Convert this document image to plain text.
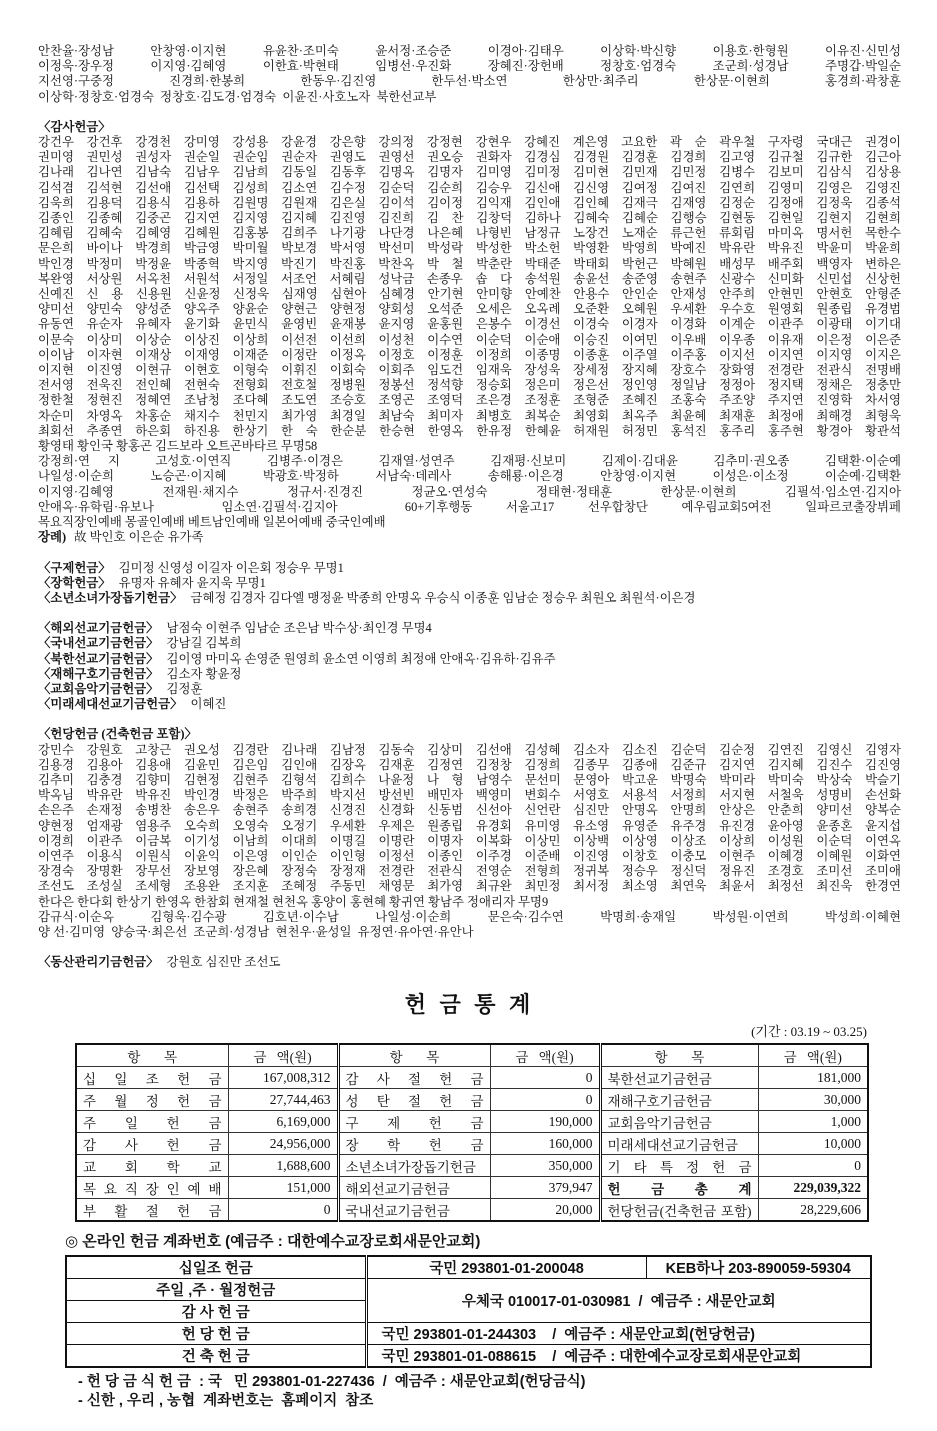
안찬율·장성남 안창영·이지현 유윤찬·조미숙 윤서정·조승준 이경아·김태우 이상학·박신향 이용호·한형원 이유진·신민성
이정욱·장우정 이지영·김혜영 이한효·박현태 임병선·우진화 장혜진·장헌배 정창호·엄경숙 조군희·성경남 주명갑·박일순
지선영·구중정 진경희·한봉희 한동우·김진영 한두선·박소연 한상만·최주리 한상문·이현희 홍경희·곽창훈
이상학·정창호·엄경숙  정창호·김도경·엄경숙  이윤진·사호노자  북한선교부
〈감사헌금〉
강건우 강건후 강경천 강미영 강성용 강윤경 강은향 강의정 강정현 강현우 강혜진 계은영 고요한 곽 순 곽우철 구자령 국대근 권경이
권미영 권민성 권성자 권순일 권순임 권순자 권영도 권영선 권오승 권화자 김경심 김경원 김경훈 김경희 김고영 김규철 김규한 김근아
김나래 김나연 김남숙 김남우 김남희 김동일 김동후 김명옥 김명자 김미영 김미정 김미현 김민재 김민정 김병수 김보미 김삼식 김상용
김석겸 김석현 김선애 김선택 김성희 김소연 김수정 김순덕 김순희 김승우 김신애 김신영 김여정 김여진 김연희 김영미 김영은 김영진
김욱희 김용덕 김용식 김용하 김원명 김원재 김은실 김이석 김이정 김익재 김인애 김인혜 김재극 김재영 김정순 김정애 김정욱 김종석
김종인 김종혜 김중곤 김지연 김지영 김지혜 김진영 김진희 김 찬 김창덕 김하나 김혜숙 김혜순 김행승 김현동 김현일 김현지 김현희
김혜림 김혜숙 김혜영 김혜원 김홍봉 김희주 나기광 나단경 나은혜 나형빈 남정규 노장건 노재순 류근헌 류회림 마미옥 명서헌 목한수
문은희 바이나 박경희 박금영 박미월 박보경 박서영 박선미 박성락 박성한 박소헌 박영환 박영희 박예진 박유란 박유진 박윤미 박윤희
박인경 박정미 박정윤 박종혁 박지영 박진기 박진홍 박찬옥 박 철 박춘란 박태준 박태회 박헌근 박혜원 배성무 배주회 백영자 변하은
복완영 서상원 서옥천 서원석 서정일 서조언 서혜림 성낙금 손종우 솝 다 송석원 송윤선 송준영 송현주 신광수 신미화 신민섭 신상헌
신예진 신 용 신용원 신윤정 신정욱 심재영 심현아 심혜경 안기현 안미향 안예찬 안용수 안인순 안재성 안주희 안현민 안현호 안형준
양미선 양민숙 양성준 양옥주 양윤순 양현근 양현정 양회성 오석준 오세은 오옥례 오준환 오혜원 우세환 우수호 원영회 원종립 유경범
유동연 유순자 유혜자 윤기화 윤민식 윤영빈 윤재봉 윤지영 윤홍원 은봉수 이경선 이경숙 이경자 이경화 이계순 이관주 이광태 이기대
이문숙 이상미 이상순 이상진 이상희 이선전 이선희 이성천 이수연 이순덕 이순애 이승진 이여민 이우배 이우종 이유재 이은정 이은준
이이남 이자현 이재상 이재영 이재준 이정란 이정옥 이정호 이정훈 이정희 이종명 이종훈 이주열 이주홍 이지선 이지연 이지영 이지은
이지현 이진영 이현규 이현호 이형숙 이휘진 이회숙 이회주 임도건 임재욱 장성욱 장세정 장지혜 장호수 장화영 전경란 전관식 전명배
전서영 전욱진 전인혜 전현숙 전형회 전호철 정병원 정봉선 정석향 정승회 정은미 정은선 정인영 정일남 정정아 정지택 정채은 정충만
정한철 정현진 정혜연 조남청 조다혜 조도연 조승호 조영곤 조영덕 조은경 조정훈 조형준 조혜진 조홍숙 주조양 주지연 진영학 차서영
차순미 차영옥 차홍순 채지수 천민지 최가영 최경일 최남숙 최미자 최병호 최복순 최영회 최옥주 최윤혜 최재훈 최정애 최해경 최형욱
최회선 추종연 하은회 하진용 한상기 한 숙 한순분 한승현 한영옥 한유정 한혜윤 허재원 허정민 홍석진 홍주리 홍주현 황경아 황관석
황영태 황인국 황홍곤 김드보라 오트곤바타르 무명58
강정희·연 지  고성호·이연직  김병주·이경은  김재열·성연주  김재평·신보미  김제이·김대윤  김추미·권오종  김택환·이순예
나일성·이순희  노승곤·이지혜  박광호·박정하  서남숙·데레사  송해룡·이은경  안창영·이지현  이성은·이소정  이순예·김택환
이지영·김혜영  전재원·채지수  정규서·진경진  정균오·연성숙  정태현·정태훈  한상문·이현희  김필석·임소연·김지아
안애옥·유학림·유보나  임소연·김필석·김지아  60+기후행동 서울고17 선우합창단 예우림교회5여전 일파르코출장뷔페
목요직장인예배 몽골인예배 베트남인예배 일본어예배 중국인예배
장례) 故 박인호 이은순 유가족
〈구제헌금〉 김미정 신영성 이길자 이은회 정승우 무명1
〈장학헌금〉 유명자 유혜자 윤지욱 무명1
〈소년소녀가장돕기헌금〉 금혜정 김경자 김다엘 맹정윤 박종희 안명옥 우승식 이종훈 임남순 정승우 최원오 최원석·이은경
〈해외선교기금헌금〉 남점숙 이현주 임남순 조은남 박수상·최인경 무명4
〈국내선교기금헌금〉 강남길 김복희
〈북한선교기금헌금〉 김이영 마미옥 손영준 원영희 윤소연 이영희 최정애 안애옥·김유하·김유주
〈재해구호기금헌금〉 김소자 황윤정
〈교회음악기금헌금〉 김정훈
〈미래세대선교기금헌금〉 이혜진
〈헌당헌금 (건축헌금 포함)〉
강민수 강원호 고창근 권오성 김경란 김나래 김남정 김동숙 김상미 김선애 김성혜 김소자 김소진 김순덕 김순정 김연진 김영신 김영자
김용경 김용아 김용애 김윤민 김은임 김인애 김장옥 김재훈 김정연 김정창 김정희 김종무 김종애 김준규 김지연 김지혜 김진수 김진영
김추미 김충경 김향미 김현정 김현주 김형석 김희수 나윤정 나 형 남영수 문선미 문영아 박고운 박명숙 박미라 박미숙 박상숙 박슬기
박옥님 박유란 박유진 박인경 박정은 박주희 박지선 방선빈 배민자 백영미 변회수 서영호 서용석 서정희 서지현 서철욱 성명비 손선화
손은주 손재정 송병찬 송은우 송현주 송희경 신경진 신경화 신동범 신선아 신언란 심진만 안명옥 안명희 안상은 안춘희 양미선 양복순
양현정 엄재광 염용주 오숙희 오영숙 오정기 우세환 우제은 원종립 유경회 유미영 유소영 유영준 유주경 유진경 윤아영 윤종혼 윤지섭
이경희 이관주 이금복 이기성 이남희 이대희 이명길 이명란 이명자 이복화 이상민 이상백 이상영 이상조 이상희 이성원 이순덕 이연옥
이연주 이용식 이원식 이윤익 이은영 이인순 이인형 이정선 이종인 이주경 이준배 이진영 이창호 이충모 이현주 이혜경 이혜원 이화연
장경숙 장명환 장무선 장보영 장은혜 장정숙 장정재 전경란 전관식 전영순 전형희 정귀복 정승우 정신덕 정유진 조경호 조미선 조미애
조선도 조성실 조세형 조용완 조지훈 조혜정 주동민 채영문 최가영 최규완 최민정 최서정 최소영 최연욱 최윤서 최정선 최진욱 한경연
한다은 한다회 한상기 한영옥 한참회 현재철 현천옥 홍양이 홍현혜 황귀연 황남주 정애리자 무명9
감규식·이순옥  김형욱·김수광  김호년·이수남  나일성·이순희  문은숙·김수연  박명희·송재일  박성원·이연희  박성희·이혜현
양 선·김미영  양승국·최은선  조군희·성경남  현천우·윤성일  유정연·유아연·유안나
〈동산관리기금헌금〉 강원호 심진만 조선도
헌 금 통 계
(기간 : 03.19 ~ 03.25)
항       목	금   액(원)	항       목	금   액(원)	항       목	금   액(원)
십 일 조 헌 금	167,008,312	감 사 절 헌 금	0	북한선교기금헌금	181,000
주 월 정 헌 금	27,744,463	성 탄 절 헌 금	0	재해구호기금헌금	30,000
주 일 헌 금	6,169,000	구 제 헌 금	190,000	교회음악기금헌금	1,000
감 사 헌 금	24,956,000	장 학 헌 금	160,000	미래세대선교기금헌금	10,000
교 회 학 교	1,688,600	소년소녀가장돕기헌금	350,000	기 타 특 정 헌 금	0
목 요 직 장 인 예 배	151,000	해외선교기금헌금	379,947	헌 금 총 계	229,039,322
부 활 절 헌 금	0	국내선교기금헌금	20,000	헌당헌금(건축헌금 포함)	28,229,606
◎ 온라인 헌금 계좌번호 (예금주 : 대한예수교장로회새문안교회)
십일조 헌금	국민 293801-01-200048	KEB하나 203-890059-59304
주일 ,주 · 월정헌금	우체국 010017-01-030981  /  예금주 : 새문안교회	
감 사 헌 금		
헌 당 헌 금	국민 293801-01-244303    /  예금주 : 새문안교회(헌당헌금)	
건 축 헌 금	국민 293801-01-088615    /  예금주 : 대한예수교장로회새문안교회	
- 헌 당 금 식 헌 금  : 국   민 293801-01-227436  /  예금주 : 새문안교회(헌당금식)
- 신한 , 우리 , 농협  계좌번호는  홈페이지  참조
